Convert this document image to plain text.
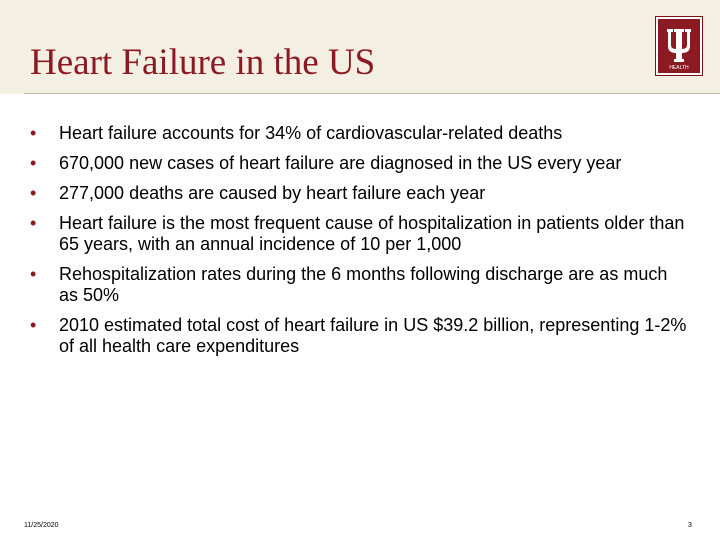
Heart Failure in the US	HEALTH
• Heart failure accounts for 34% of cardiovascular-related deaths
• 670,000 new cases of heart failure are diagnosed in the US every year
• 277,000 deaths are caused by heart failure each year
• Heart failure is the most frequent cause of hospitalization in patients older than 65 years, with an annual incidence of 10 per 1,000
• Rehospitalization rates during the 6 months following discharge are as much as 50%
• 2010 estimated total cost of heart failure in US $39.2 billion, representing 1-2% of all health care expenditures
11/25/2020	3
